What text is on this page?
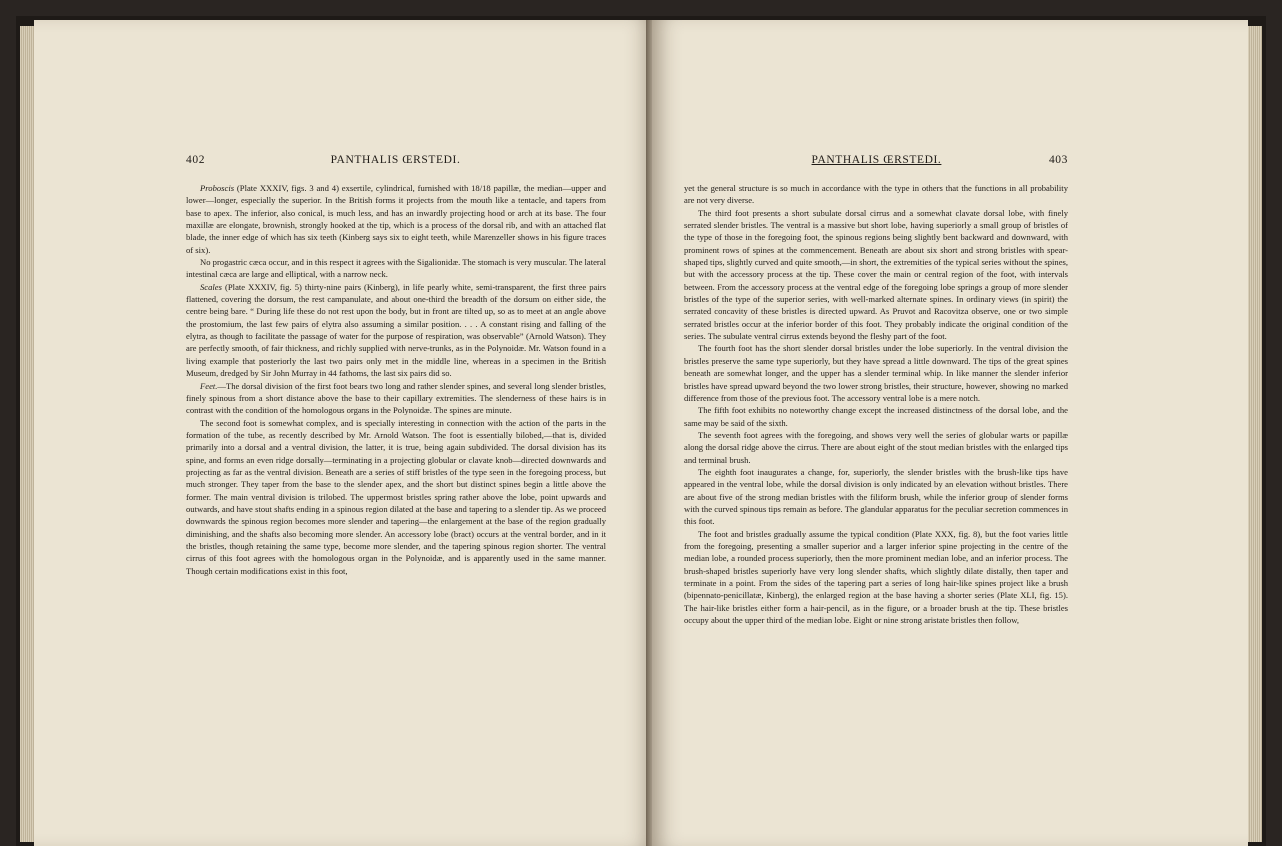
402	PANTHALIS ŒRSTEDI.

Proboscis (Plate XXXIV, figs. 3 and 4) exsertile, cylindrical, furnished with 18/18 papillæ, the median—upper and lower—longer, especially the superior. In the British forms it projects from the mouth like a tentacle, and tapers from base to apex. The inferior, also conical, is much less, and has an inwardly projecting hood or arch at its base. The four maxillæ are elongate, brownish, strongly hooked at the tip, which is a process of the dorsal rib, and with an attached flat blade, the inner edge of which has six teeth (Kinberg says six to eight teeth, while Marenzeller shows in his figure traces of six).

No progastric cæca occur, and in this respect it agrees with the Sigalionidæ. The stomach is very muscular. The lateral intestinal cæca are large and elliptical, with a narrow neck.

Scales (Plate XXXIV, fig. 5) thirty-nine pairs (Kinberg), in life pearly white, semi-transparent, the first three pairs flattened, covering the dorsum, the rest campanulate, and about one-third the breadth of the dorsum on either side, the centre being bare. “ During life these do not rest upon the body, but in front are tilted up, so as to meet at an angle above the prostomium, the last few pairs of elytra also assuming a similar position. . . . A constant rising and falling of the elytra, as though to facilitate the passage of water for the purpose of respiration, was observable” (Arnold Watson). They are perfectly smooth, of fair thickness, and richly supplied with nerve-trunks, as in the Polynoidæ. Mr. Watson found in a living example that posteriorly the last two pairs only met in the middle line, whereas in a specimen in the British Museum, dredged by Sir John Murray in 44 fathoms, the last six pairs did so.

Feet.—The dorsal division of the first foot bears two long and rather slender spines, and several long slender bristles, finely spinous from a short distance above the base to their capillary extremities. The slenderness of these hairs is in contrast with the condition of the homologous organs in the Polynoidæ. The spines are minute.

The second foot is somewhat complex, and is specially interesting in connection with the action of the parts in the formation of the tube, as recently described by Mr. Arnold Watson. The foot is essentially bilobed,—that is, divided primarily into a dorsal and a ventral division, the latter, it is true, being again subdivided. The dorsal division has its spine, and forms an even ridge dorsally—terminating in a projecting globular or clavate knob—directed downwards and projecting as far as the ventral division. Beneath are a series of stiff bristles of the type seen in the foregoing process, but much stronger. They taper from the base to the slender apex, and the short but distinct spines begin a little above the former. The main ventral division is trilobed. The uppermost bristles spring rather above the lobe, point upwards and outwards, and have stout shafts ending in a spinous region dilated at the base and tapering to a slender tip. As we proceed downwards the spinous region becomes more slender and tapering—the enlargement at the base of the region gradually diminishing, and the shafts also becoming more slender. An accessory lobe (bract) occurs at the ventral border, and in it the bristles, though retaining the same type, become more slender, and the tapering spinous region shorter. The ventral cirrus of this foot agrees with the homologous organ in the Polynoidæ, and is apparently used in the same manner. Though certain modifications exist in this foot,

PANTHALIS ŒRSTEDI.	403

yet the general structure is so much in accordance with the type in others that the functions in all probability are not very diverse.

The third foot presents a short subulate dorsal cirrus and a somewhat clavate dorsal lobe, with finely serrated slender bristles. The ventral is a massive but short lobe, having superiorly a small group of bristles of the type of those in the foregoing foot, the spinous regions being slightly bent backward and downward, with prominent rows of spines at the commencement. Beneath are about six short and strong bristles with spear-shaped tips, slightly curved and quite smooth,—in short, the extremities of the typical series without the spines, but with the accessory process at the tip. These cover the main or central region of the foot, with intervals between. From the accessory process at the ventral edge of the foregoing lobe springs a group of more slender bristles of the type of the superior series, with well-marked alternate spines. In ordinary views (in spirit) the serrated concavity of these bristles is directed upward. As Pruvot and Racovitza observe, one or two simple serrated bristles occur at the inferior border of this foot. They probably indicate the original condition of the series. The subulate ventral cirrus extends beyond the fleshy part of the foot.

The fourth foot has the short slender dorsal bristles under the lobe superiorly. In the ventral division the bristles preserve the same type superiorly, but they have spread a little downward. The tips of the great spines beneath are somewhat longer, and the upper has a slender terminal whip. In like manner the slender inferior bristles have spread upward beyond the two lower strong bristles, their structure, however, showing no marked difference from those of the previous foot. The accessory ventral lobe is a mere notch.

The fifth foot exhibits no noteworthy change except the increased distinctness of the dorsal lobe, and the same may be said of the sixth.

The seventh foot agrees with the foregoing, and shows very well the series of globular warts or papillæ along the dorsal ridge above the cirrus. There are about eight of the stout median bristles with the enlarged tips and terminal brush.

The eighth foot inaugurates a change, for, superiorly, the slender bristles with the brush-like tips have appeared in the ventral lobe, while the dorsal division is only indicated by an elevation without bristles. There are about five of the strong median bristles with the filiform brush, while the inferior group of slender forms with the curved spinous tips remain as before. The glandular apparatus for the peculiar secretion commences in this foot.

The foot and bristles gradually assume the typical condition (Plate XXX, fig. 8), but the foot varies little from the foregoing, presenting a smaller superior and a larger inferior spine projecting in the centre of the median lobe, a rounded process superiorly, then the more prominent median lobe, and an inferior process. The brush-shaped bristles superiorly have very long slender shafts, which slightly dilate distally, then taper and terminate in a point. From the sides of the tapering part a series of long hair-like spines project like a brush (bipennato-penicillatæ, Kinberg), the enlarged region at the base having a shorter series (Plate XLI, fig. 15). The hair-like bristles either form a hair-pencil, as in the figure, or a broader brush at the tip. These bristles occupy about the upper third of the median lobe. Eight or nine strong aristate bristles then follow,
